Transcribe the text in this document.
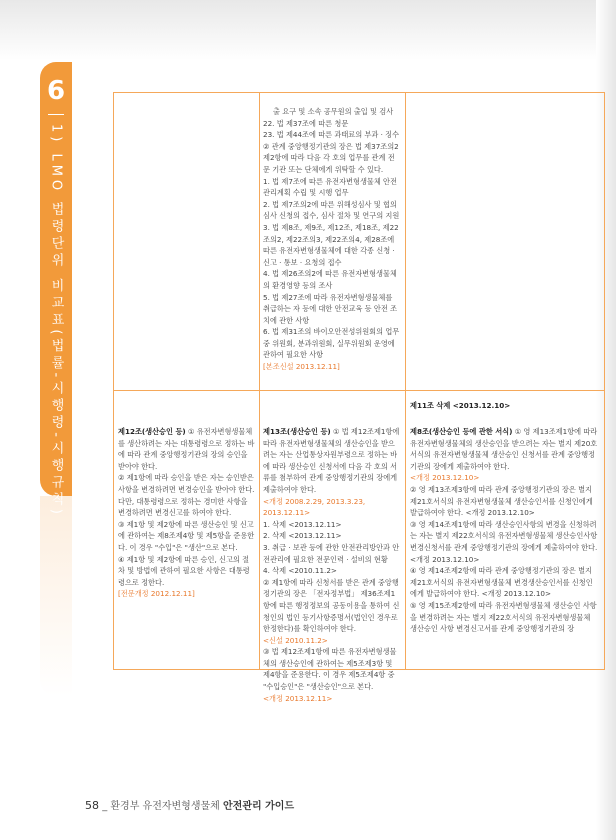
6
1) LMO 법령단위 비교표(법률-시행령-시행규칙)

출 요구 및 소속 공무원의 출입 및 검사

22. 법 제37조에 따른 청문

23. 법 제44조에 따른 과태료의 부과 · 징수

② 관계 중앙행정기관의 장은 법 제37조의2 제2항에 따라 다음 각 호의 업무를 관계 전문 기관 또는 단체에게 위탁할 수 있다.

1. 법 제7조에 따른 유전자변형생물체 안전관리계획 수립 및 시행 업무

2. 법 제7조의2에 따른 위해성심사 및 협의심사 신청의 접수, 심사 절차 및 연구의 지원

3. 법 제8조, 제9조, 제12조, 제18조, 제22조의2, 제22조의3, 제22조의4, 제28조에 따른 유전자변형생물체에 대한 각종 신청 · 신고 · 통보 · 요청의 접수

4. 법 제26조의2에 따른 유전자변형생물체의 환경영향 등의 조사

5. 법 제27조에 따라 유전자변형생물체를 취급하는 자 등에 대한 안전교육 등 안전 조치에 관한 사항

6. 법 제31조의 바이오안전성위원회의 업무 중 위원회, 분과위원회, 실무위원회 운영에 관하여 필요한 사항

[본조신설 2013.12.11]

제11조 삭제 <2013.12.10>

제12조(생산승인 등) ① 유전자변형생물체를 생산하려는 자는 대통령령으로 정하는 바에 따라 관계 중앙행정기관의 장의 승인을 받아야 한다.

② 제1항에 따라 승인을 받은 자는 승인받은 사항을 변경하려면 변경승인을 받아야 한다. 다만, 대통령령으로 정하는 경미한 사항을 변경하려면 변경신고를 하여야 한다.

③ 제1항 및 제2항에 따른 생산승인 및 신고에 관하여는 제8조제4항 및 제5항을 준용한다. 이 경우 "수입"은 "생산"으로 본다.

④ 제1항 및 제2항에 따른 승인, 신고의 절차 및 방법에 관하여 필요한 사항은 대통령령으로 정한다.

[전문개정 2012.12.11]

제13조(생산승인 등) ① 법 제12조제1항에 따라 유전자변형생물체의 생산승인을 받으려는 자는 산업통상자원부령으로 정하는 바에 따라 생산승인 신청서에 다음 각 호의 서류를 첨부하여 관계 중앙행정기관의 장에게 제출하여야 한다.

<개정 2008.2.29, 2013.3.23, 2013.12.11>

1. 삭제 <2013.12.11>

2. 삭제 <2013.12.11>

3. 취급 · 보관 등에 관한 안전관리방안과 안전관리에 필요한 전문인력 · 설비의 현황

4. 삭제 <2010.11.2>

② 제1항에 따라 신청서를 받은 관계 중앙행정기관의 장은 「전자정부법」 제36조제1항에 따른 행정정보의 공동이용을 통하여 신청인의 법인 등기사항증명서(법인인 경우로 한정한다)를 확인하여야 한다.

<신설 2010.11.2>

③ 법 제12조제1항에 따른 유전자변형생물체의 생산승인에 관하여는 제5조제3항 및 제4항을 준용한다. 이 경우 제5조제4항 중 "수입승인"은 "생산승인"으로 본다.

<개정 2013.12.11>

제8조(생산승인 등에 관한 서식) ① 영 제13조제1항에 따라 유전자변형생물체의 생산승인을 받으려는 자는 별지 제20호서식의 유전자변형생물체 생산승인 신청서를 관계 중앙행정기관의 장에게 제출하여야 한다.

<개정 2013.12.10>

② 영 제13조제3항에 따라 관계 중앙행정기관의 장은 별지 제21호서식의 유전자변형생물체 생산승인서를 신청인에게 발급하여야 한다. <개정 2013.12.10>

③ 영 제14조제1항에 따라 생산승인사항의 변경을 신청하려는 자는 별지 제22호서식의 유전자변형생물체 생산승인사항 변경신청서를 관계 중앙행정기관의 장에게 제출하여야 한다. <개정 2013.12.10>

④ 영 제14조제2항에 따라 관계 중앙행정기관의 장은 별지 제21호서식의 유전자변형생물체 변경생산승인서를 신청인에게 발급하여야 한다. <개정 2013.12.10>

⑤ 영 제15조제2항에 따라 유전자변형생물체 생산승인 사항을 변경하려는 자는 별지 제22호서식의 유전자변형생물체 생산승인 사항 변경신고서를 관계 중앙행정기관의 장

58 _ 환경부 유전자변형생물체 안전관리 가이드
